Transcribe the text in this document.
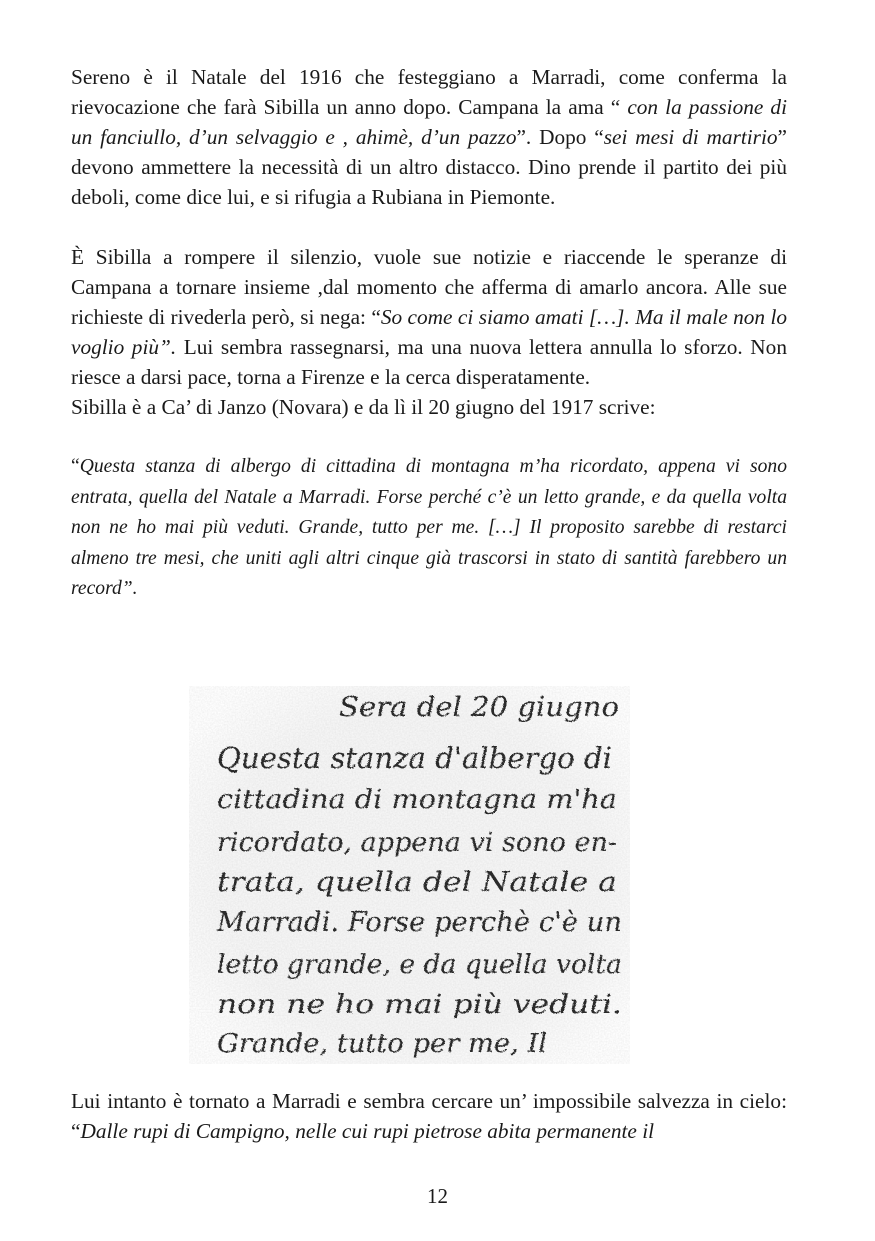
Sereno è il Natale del 1916 che festeggiano a Marradi, come conferma la rievocazione che farà Sibilla un anno dopo. Campana la ama “ con la passione di un fanciullo, d’un selvaggio e , ahimè, d’un pazzo”. Dopo “sei mesi di martirio” devono ammettere la necessità di un altro distacco. Dino prende il partito dei più deboli, come dice lui, e si rifugia a Rubiana in Piemonte.

È Sibilla a rompere il silenzio, vuole sue notizie e riaccende le speranze di Campana a tornare insieme ,dal momento che afferma di amarlo ancora. Alle sue richieste di rivederla però, si nega: “So come ci siamo amati […]. Ma il male non lo voglio più”. Lui sembra rassegnarsi, ma una nuova lettera annulla lo sforzo. Non riesce a darsi pace, torna a Firenze e la cerca disperatamente.

Sibilla è a Ca’ di Janzo (Novara) e da lì il 20 giugno del 1917 scrive:

“Questa stanza di albergo di cittadina di montagna m’ha ricordato, appena vi sono entrata, quella del Natale a Marradi. Forse perché c’è un letto grande, e da quella volta non ne ho mai più veduti. Grande, tutto per me. […] Il proposito sarebbe di restarci almeno tre mesi, che uniti agli altri cinque già trascorsi in stato di santità farebbero un record”.

Sera del 20 giugno
Questa stanza d'albergo di
cittadina di montagna m'ha
ricordato, appena vi sono en-
trata, quella del Natale a
Marradi. Forse perchè c'è un
letto grande, e da quella volta
non ne ho mai più veduti.
Grande, tutto per me, Il

Lui intanto è tornato a Marradi e sembra cercare un’ impossibile salvezza in cielo: “Dalle rupi di Campigno, nelle cui rupi pietrose abita permanente il

12
